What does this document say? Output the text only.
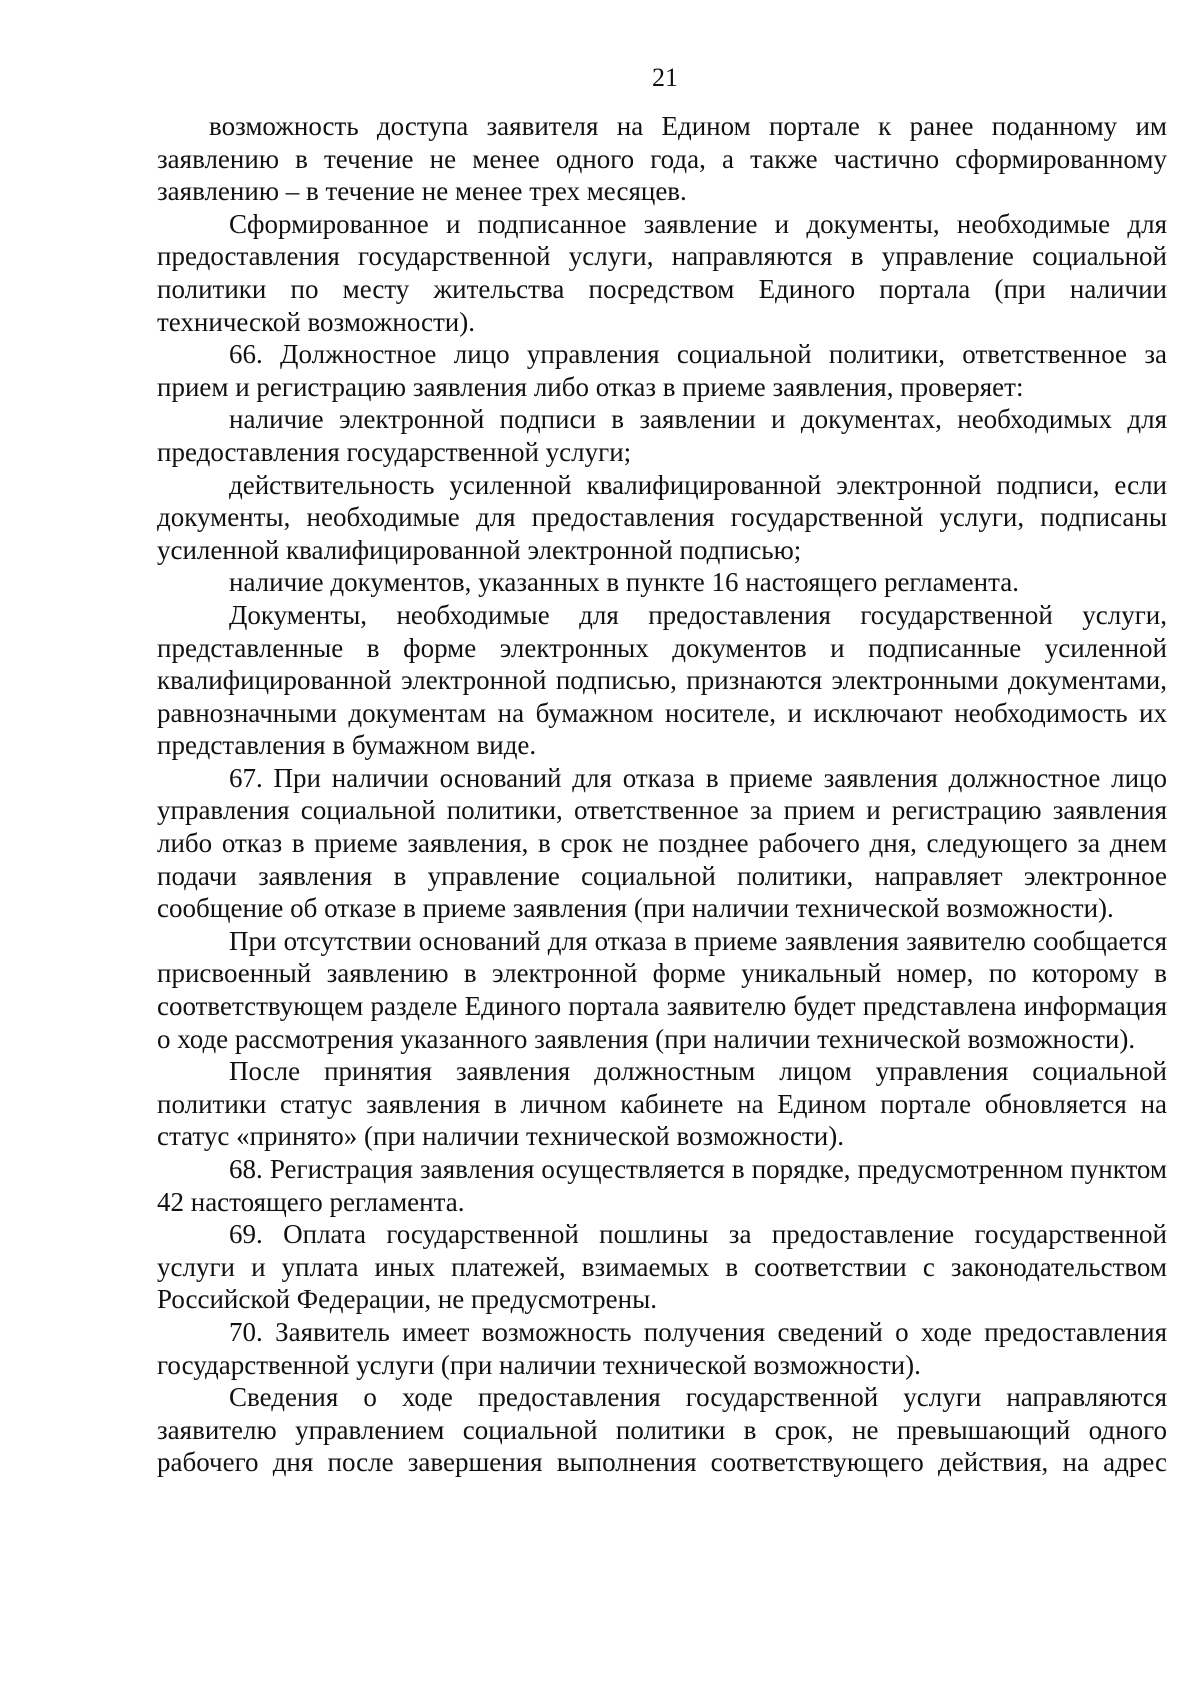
21

возможность доступа заявителя на Едином портале к ранее поданному им заявлению в течение не менее одного года, а также частично сформированному заявлению – в течение не менее трех месяцев.

Сформированное и подписанное заявление и документы, необходимые для предоставления государственной услуги, направляются в управление социальной политики по месту жительства посредством Единого портала (при наличии технической возможности).

66. Должностное лицо управления социальной политики, ответственное за прием и регистрацию заявления либо отказ в приеме заявления, проверяет:

наличие электронной подписи в заявлении и документах, необходимых для предоставления государственной услуги;

действительность усиленной квалифицированной электронной подписи, если документы, необходимые для предоставления государственной услуги, подписаны усиленной квалифицированной электронной подписью;

наличие документов, указанных в пункте 16 настоящего регламента.

Документы, необходимые для предоставления государственной услуги, представленные в форме электронных документов и подписанные усиленной квалифицированной электронной подписью, признаются электронными документами, равнозначными документам на бумажном носителе, и исключают необходимость их представления в бумажном виде.

67. При наличии оснований для отказа в приеме заявления должностное лицо управления социальной политики, ответственное за прием и регистрацию заявления либо отказ в приеме заявления, в срок не позднее рабочего дня, следующего за днем подачи заявления в управление социальной политики, направляет электронное сообщение об отказе в приеме заявления (при наличии технической возможности).

При отсутствии оснований для отказа в приеме заявления заявителю сообщается присвоенный заявлению в электронной форме уникальный номер, по которому в соответствующем разделе Единого портала заявителю будет представлена информация о ходе рассмотрения указанного заявления (при наличии технической возможности).

После принятия заявления должностным лицом управления социальной политики статус заявления в личном кабинете на Едином портале обновляется на статус «принято» (при наличии технической возможности).

68. Регистрация заявления осуществляется в порядке, предусмотренном пунктом 42 настоящего регламента.

69. Оплата государственной пошлины за предоставление государственной услуги и уплата иных платежей, взимаемых в соответствии с законодательством Российской Федерации, не предусмотрены.

70. Заявитель имеет возможность получения сведений о ходе предоставления государственной услуги (при наличии технической возможности).

Сведения о ходе предоставления государственной услуги направляются заявителю управлением социальной политики в срок, не превышающий одного рабочего дня после завершения выполнения соответствующего действия, на адрес
